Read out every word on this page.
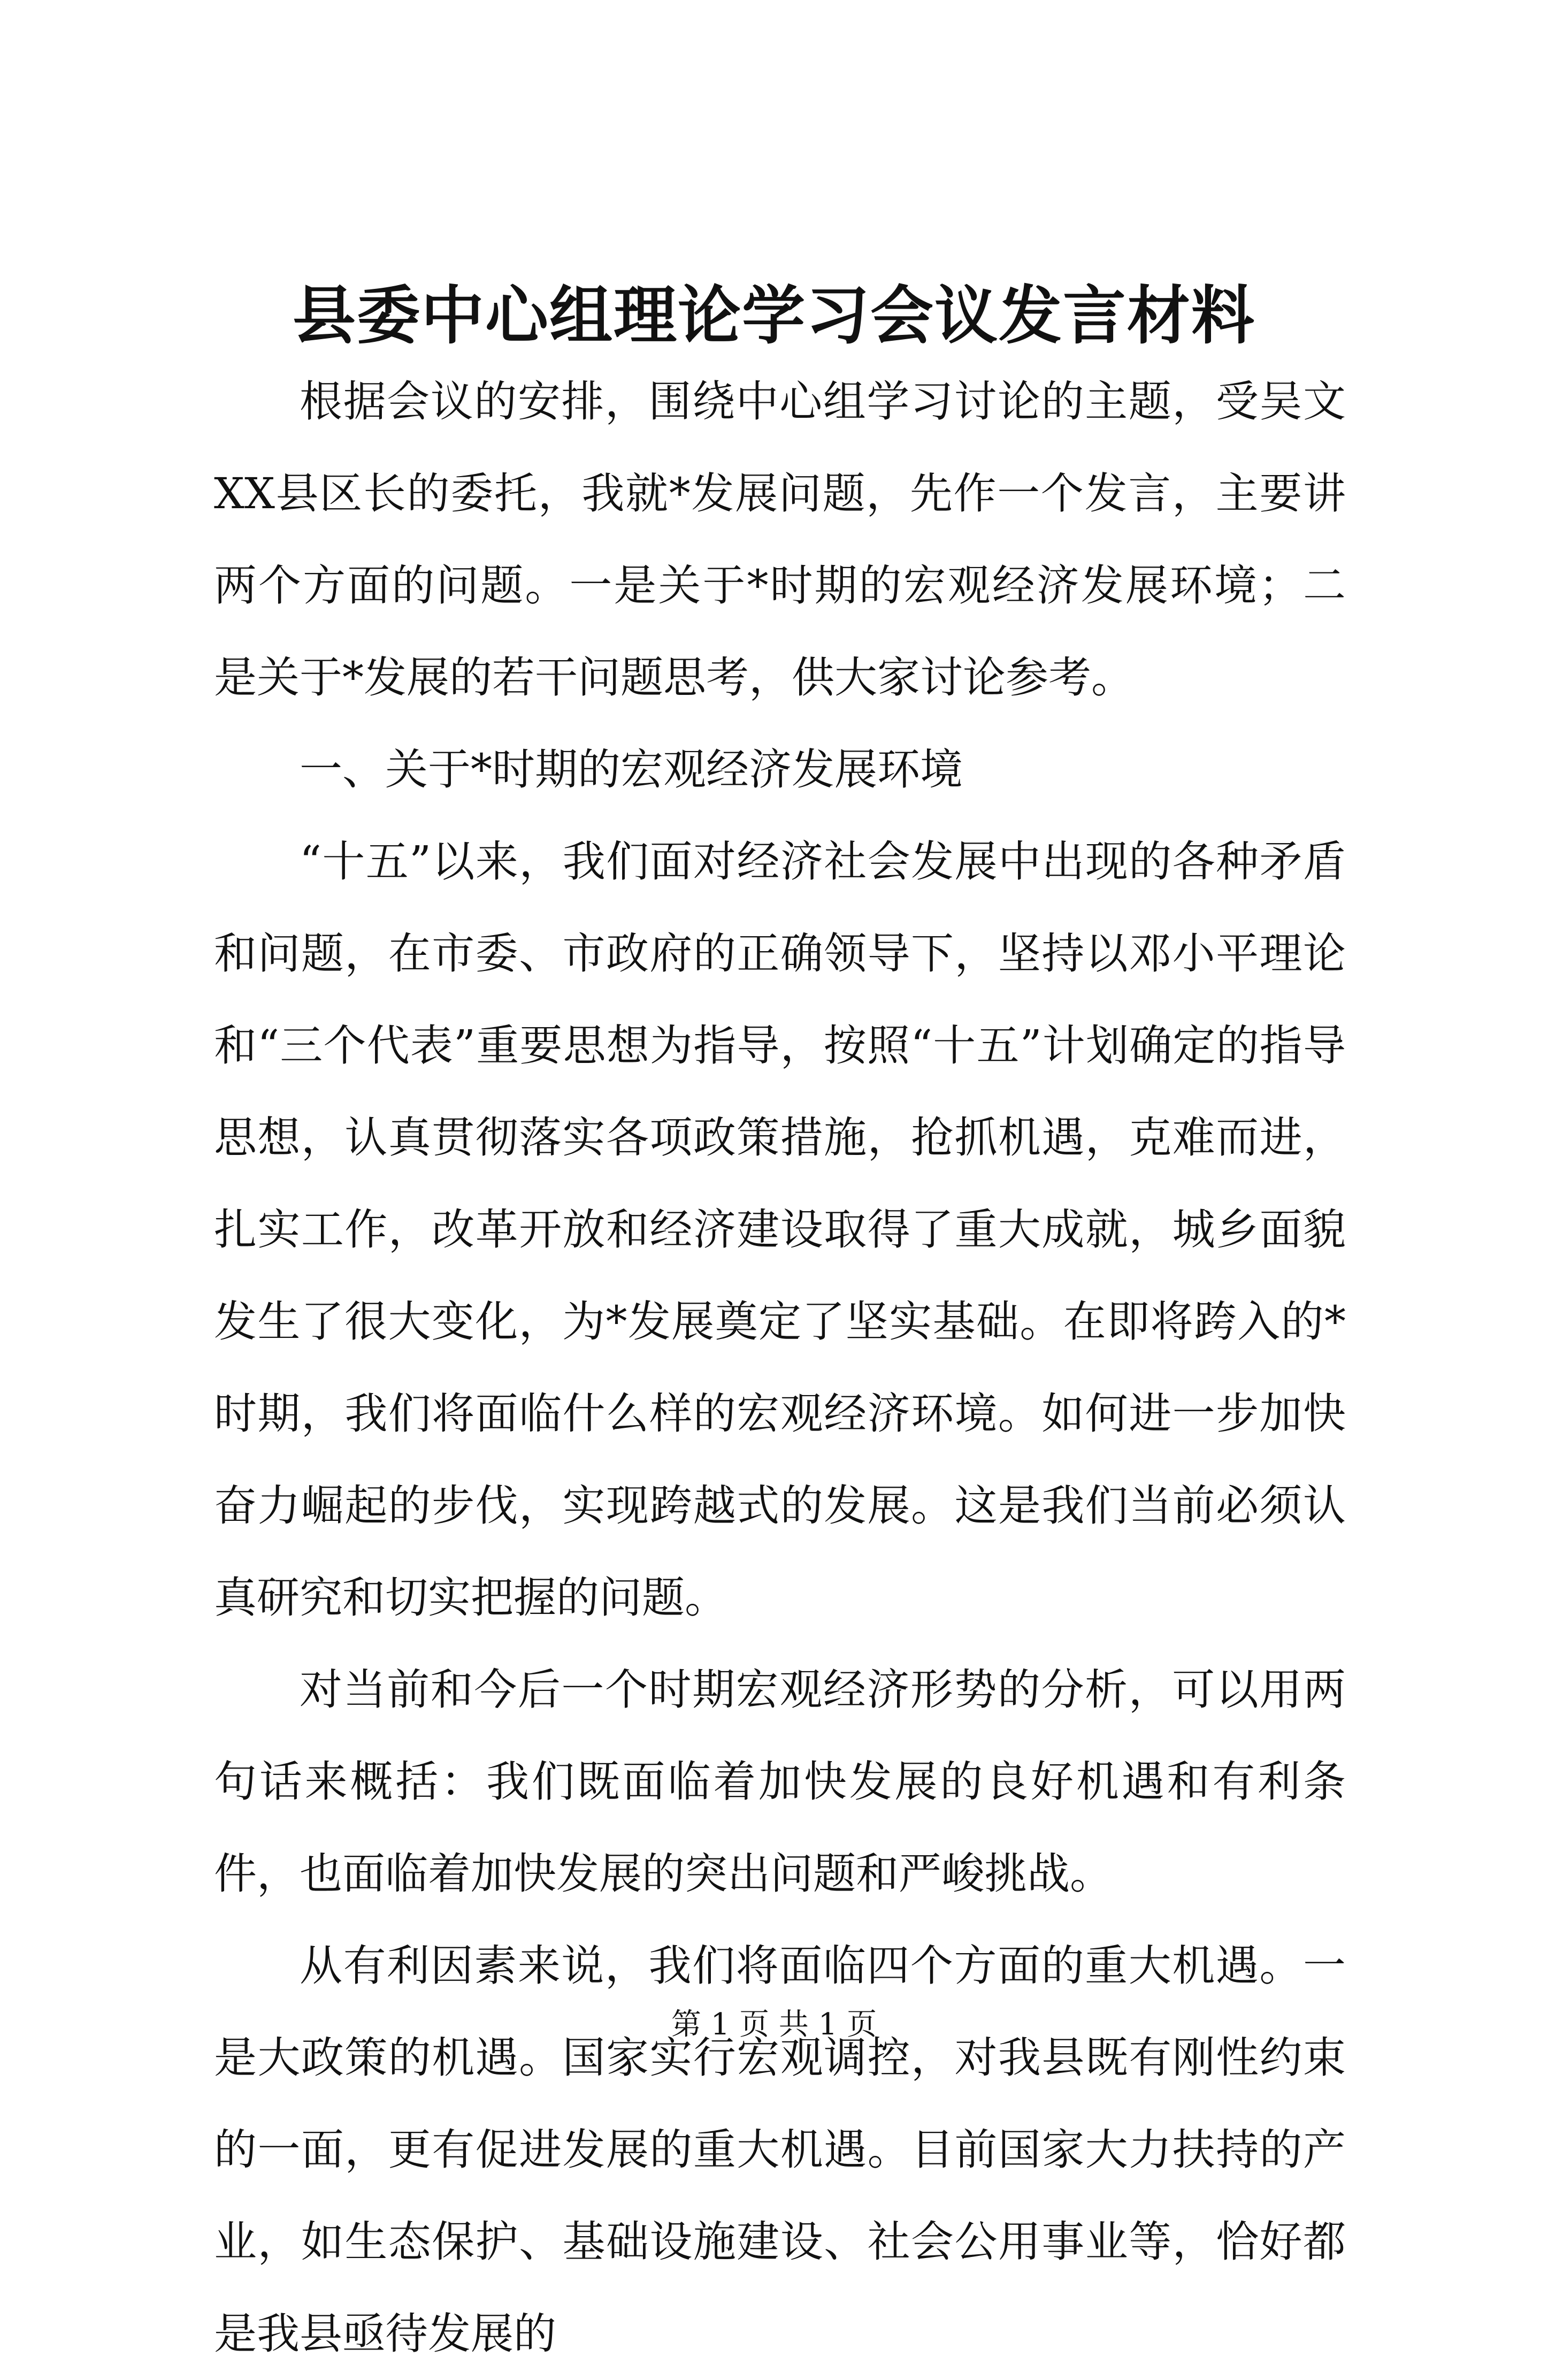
县委中心组理论学习会议发言材料

根据会议的安排，围绕中心组学习讨论的主题，受吴文XX县区长的委托，我就*发展问题，先作一个发言，主要讲两个方面的问题。一是关于*时期的宏观经济发展环境；二是关于*发展的若干问题思考，供大家讨论参考。

一、关于*时期的宏观经济发展环境

“十五”以来，我们面对经济社会发展中出现的各种矛盾和问题，在市委、市政府的正确领导下，坚持以邓小平理论和“三个代表”重要思想为指导，按照“十五”计划确定的指导思想，认真贯彻落实各项政策措施，抢抓机遇，克难而进，扎实工作，改革开放和经济建设取得了重大成就，城乡面貌发生了很大变化，为*发展奠定了坚实基础。在即将跨入的*时期，我们将面临什么样的宏观经济环境。如何进一步加快奋力崛起的步伐，实现跨越式的发展。这是我们当前必须认真研究和切实把握的问题。

对当前和今后一个时期宏观经济形势的分析，可以用两句话来概括：我们既面临着加快发展的良好机遇和有利条件，也面临着加快发展的突出问题和严峻挑战。

从有利因素来说，我们将面临四个方面的重大机遇。一是大政策的机遇。国家实行宏观调控，对我县既有刚性约束的一面，更有促进发展的重大机遇。目前国家大力扶持的产业，如生态保护、基础设施建设、社会公用事业等，恰好都是我县亟待发展的

第 1 页 共 1 页
